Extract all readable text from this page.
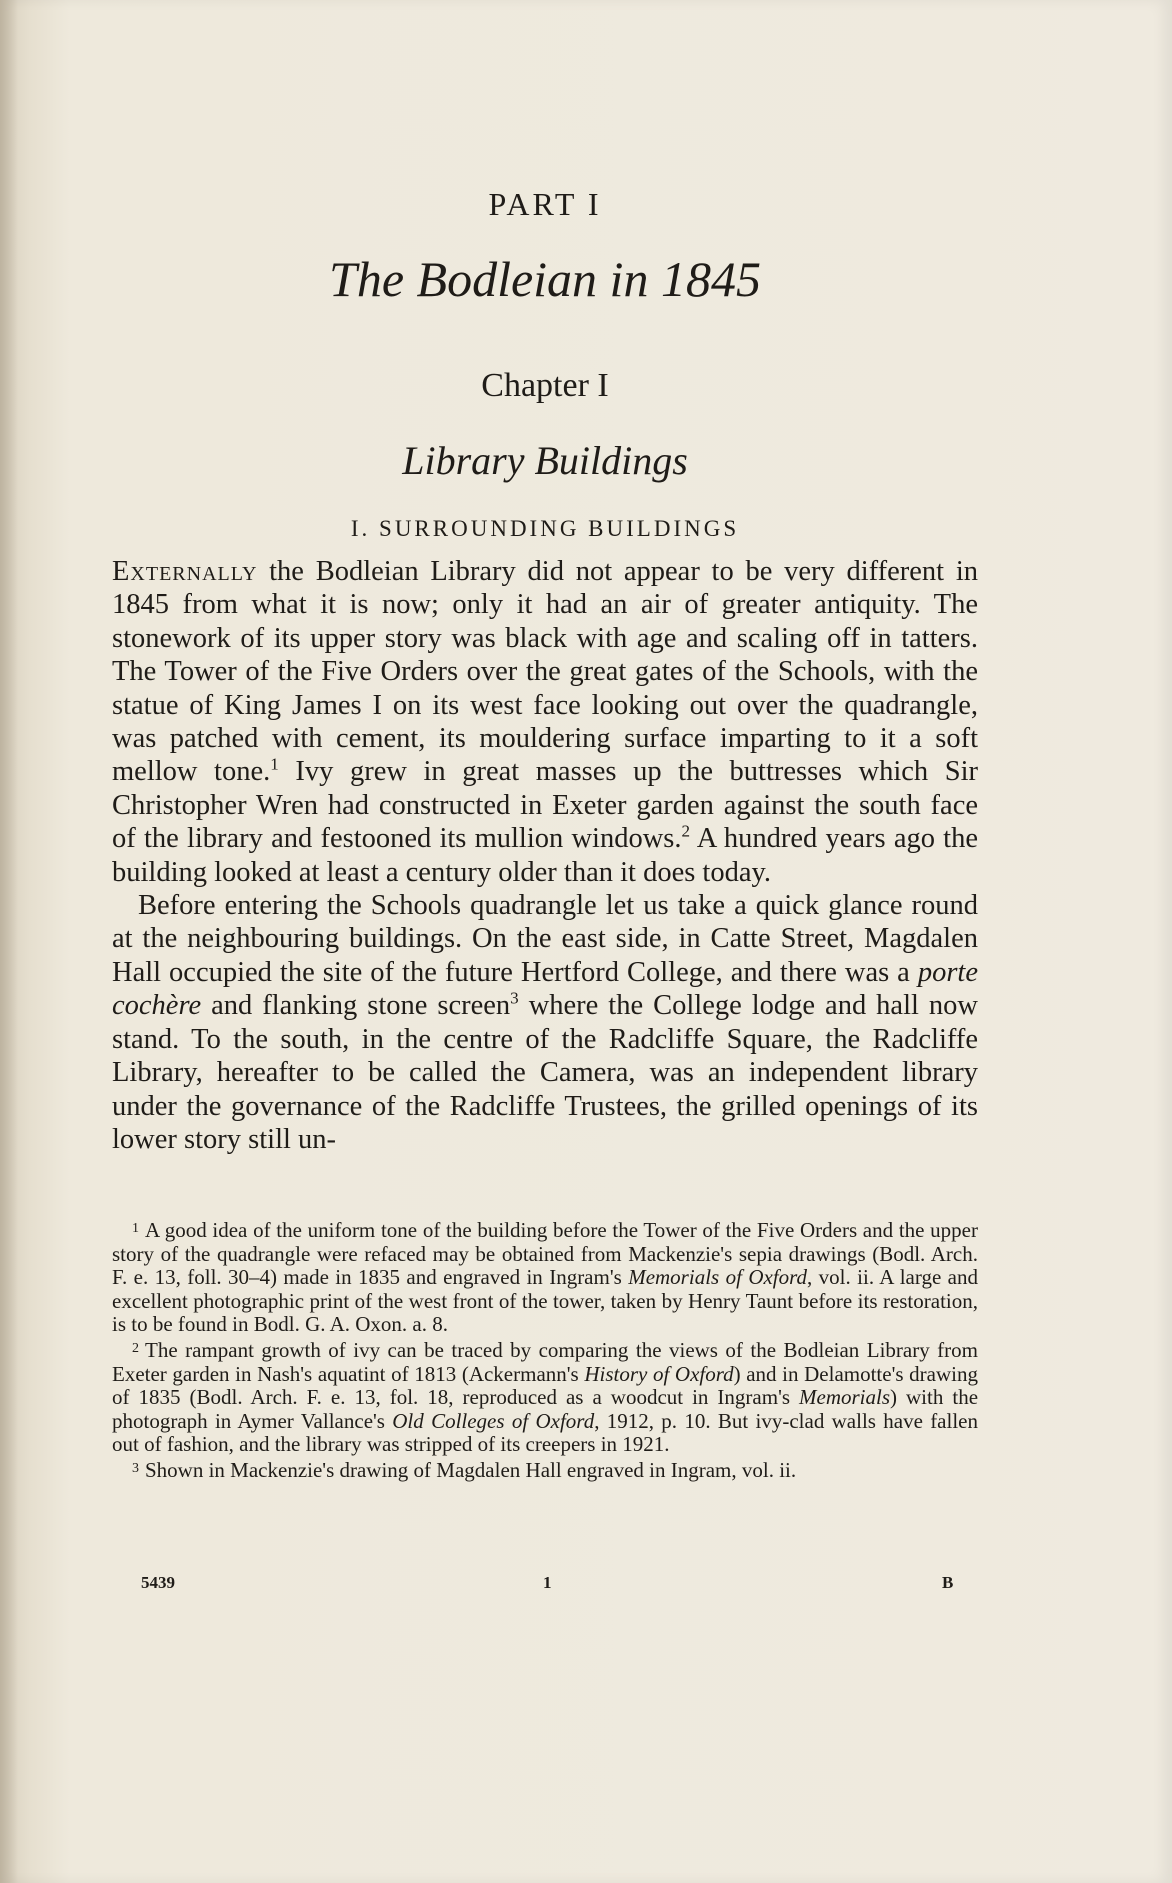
PART I
The Bodleian in 1845
Chapter I
Library Buildings
I. SURROUNDING BUILDINGS

Externally the Bodleian Library did not appear to be very different in 1845 from what it is now; only it had an air of greater antiquity. The stonework of its upper story was black with age and scaling off in tatters. The Tower of the Five Orders over the great gates of the Schools, with the statue of King James I on its west face looking out over the quadrangle, was patched with cement, its mouldering surface imparting to it a soft mellow tone.$^1$ Ivy grew in great masses up the buttresses which Sir Christopher Wren had constructed in Exeter garden against the south face of the library and festooned its mullion windows.$^2$ A hundred years ago the building looked at least a century older than it does today.

Before entering the Schools quadrangle let us take a quick glance round at the neighbouring buildings. On the east side, in Catte Street, Magdalen Hall occupied the site of the future Hertford College, and there was a porte cochère and flanking stone screen$^3$ where the College lodge and hall now stand. To the south, in the centre of the Radcliffe Square, the Radcliffe Library, hereafter to be called the Camera, was an independent library under the governance of the Radcliffe Trustees, the grilled openings of its lower story still un-

$^1$ A good idea of the uniform tone of the building before the Tower of the Five Orders and the upper story of the quadrangle were refaced may be obtained from Mackenzie's sepia drawings (Bodl. Arch. F. e. 13, foll. 30–4) made in 1835 and engraved in Ingram's Memorials of Oxford, vol. ii. A large and excellent photographic print of the west front of the tower, taken by Henry Taunt before its restoration, is to be found in Bodl. G. A. Oxon. a. 8.

$^2$ The rampant growth of ivy can be traced by comparing the views of the Bodleian Library from Exeter garden in Nash's aquatint of 1813 (Ackermann's History of Oxford) and in Delamotte's drawing of 1835 (Bodl. Arch. F. e. 13, fol. 18, reproduced as a woodcut in Ingram's Memorials) with the photograph in Aymer Vallance's Old Colleges of Oxford, 1912, p. 10. But ivy-clad walls have fallen out of fashion, and the library was stripped of its creepers in 1921.

$^3$ Shown in Mackenzie's drawing of Magdalen Hall engraved in Ingram, vol. ii.

5439	1	B
